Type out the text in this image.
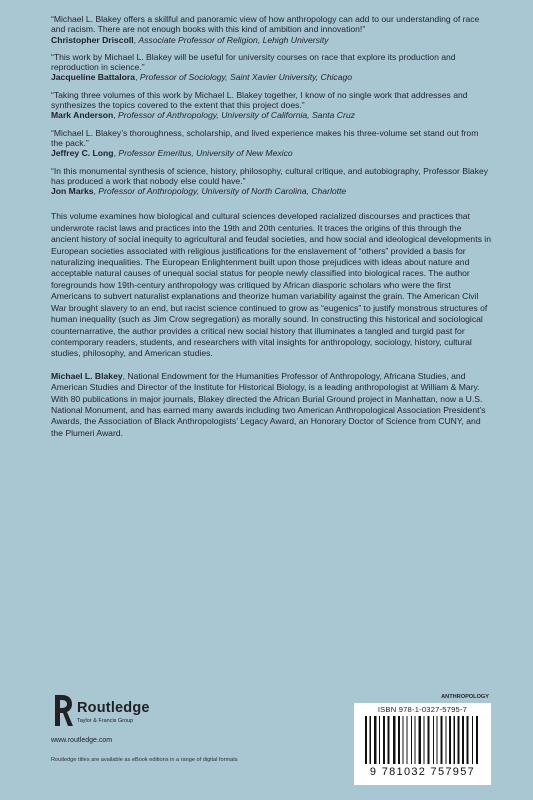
“Michael L. Blakey offers a skillful and panoramic view of how anthropology can add to our understanding of race and racism. There are not enough books with this kind of ambition and innovation!”
Christopher Driscoll, Associate Professor of Religion, Lehigh University
“This work by Michael L. Blakey will be useful for university courses on race that explore its production and reproduction in science.”
Jacqueline Battalora, Professor of Sociology, Saint Xavier University, Chicago
“Taking three volumes of this work by Michael L. Blakey together, I know of no single work that addresses and synthesizes the topics covered to the extent that this project does.”
Mark Anderson, Professor of Anthropology, University of California, Santa Cruz
“Michael L. Blakey’s thoroughness, scholarship, and lived experience makes his three-volume set stand out from the pack.”
Jeffrey C. Long, Professor Emeritus, University of New Mexico
“In this monumental synthesis of science, history, philosophy, cultural critique, and autobiography, Professor Blakey has produced a work that nobody else could have.”
Jon Marks, Professor of Anthropology, University of North Carolina, Charlotte

This volume examines how biological and cultural sciences developed racialized discourses and practices that underwrote racist laws and practices into the 19th and 20th centuries. It traces the origins of this through the ancient history of social inequity to agricultural and feudal societies, and how social and ideological developments in European societies associated with religious justifications for the enslavement of “others” provided a basis for naturalizing inequalities. The European Enlightenment built upon those prejudices with ideas about nature and acceptable natural causes of unequal social status for people newly classified into biological races. The author foregrounds how 19th-century anthropology was critiqued by African diasporic scholars who were the first Americans to subvert naturalist explanations and theorize human variability against the grain. The American Civil War brought slavery to an end, but racist science continued to grow as “eugenics” to justify monstrous structures of human inequality (such as Jim Crow segregation) as morally sound. In constructing this historical and sociological counternarrative, the author provides a critical new social history that illuminates a tangled and turgid past for contemporary readers, students, and researchers with vital insights for anthropology, sociology, history, cultural studies, philosophy, and American studies.

Michael L. Blakey, National Endowment for the Humanities Professor of Anthropology, Africana Studies, and American Studies and Director of the Institute for Historical Biology, is a leading anthropologist at William & Mary. With 80 publications in major journals, Blakey directed the African Burial Ground project in Manhattan, now a U.S. National Monument, and has earned many awards including two American Anthropological Association President’s Awards, the Association of Black Anthropologists’ Legacy Award, an Honorary Doctor of Science from CUNY, and the Plumeri Award.

Routledge
Taylor & Francis Group
www.routledge.com
Routledge titles are available as eBook editions in a range of digital formats
ANTHROPOLOGY
ISBN 978-1-0327-5795-7
9 781032 757957
